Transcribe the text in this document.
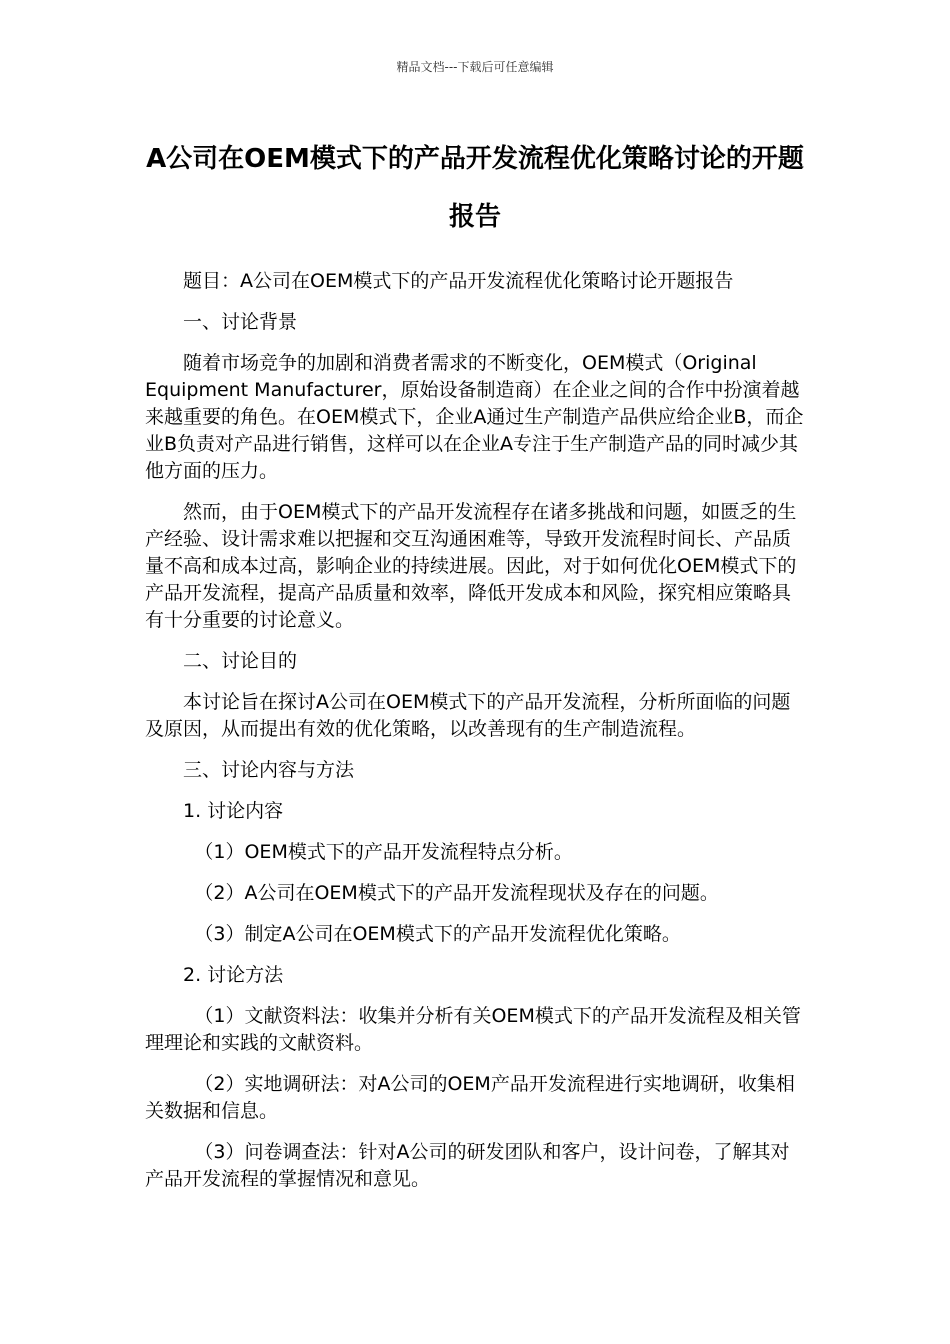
精品文档---下载后可任意编辑
A公司在OEM模式下的产品开发流程优化策略讨论的开题报告

题目：A公司在OEM模式下的产品开发流程优化策略讨论开题报告

一、讨论背景

随着市场竞争的加剧和消费者需求的不断变化，OEM模式（Original Equipment Manufacturer，原始设备制造商）在企业之间的合作中扮演着越来越重要的角色。在OEM模式下，企业A通过生产制造产品供应给企业B，而企业B负责对产品进行销售，这样可以在企业A专注于生产制造产品的同时减少其他方面的压力。

然而，由于OEM模式下的产品开发流程存在诸多挑战和问题，如匮乏的生产经验、设计需求难以把握和交互沟通困难等，导致开发流程时间长、产品质量不高和成本过高，影响企业的持续进展。因此，对于如何优化OEM模式下的产品开发流程，提高产品质量和效率，降低开发成本和风险，探究相应策略具有十分重要的讨论意义。

二、讨论目的

本讨论旨在探讨A公司在OEM模式下的产品开发流程，分析所面临的问题及原因，从而提出有效的优化策略，以改善现有的生产制造流程。

三、讨论内容与方法

1. 讨论内容

（1）OEM模式下的产品开发流程特点分析。

（2）A公司在OEM模式下的产品开发流程现状及存在的问题。

（3）制定A公司在OEM模式下的产品开发流程优化策略。

2. 讨论方法

（1）文献资料法：收集并分析有关OEM模式下的产品开发流程及相关管理理论和实践的文献资料。

（2）实地调研法：对A公司的OEM产品开发流程进行实地调研，收集相关数据和信息。

（3）问卷调查法：针对A公司的研发团队和客户，设计问卷，了解其对产品开发流程的掌握情况和意见。
